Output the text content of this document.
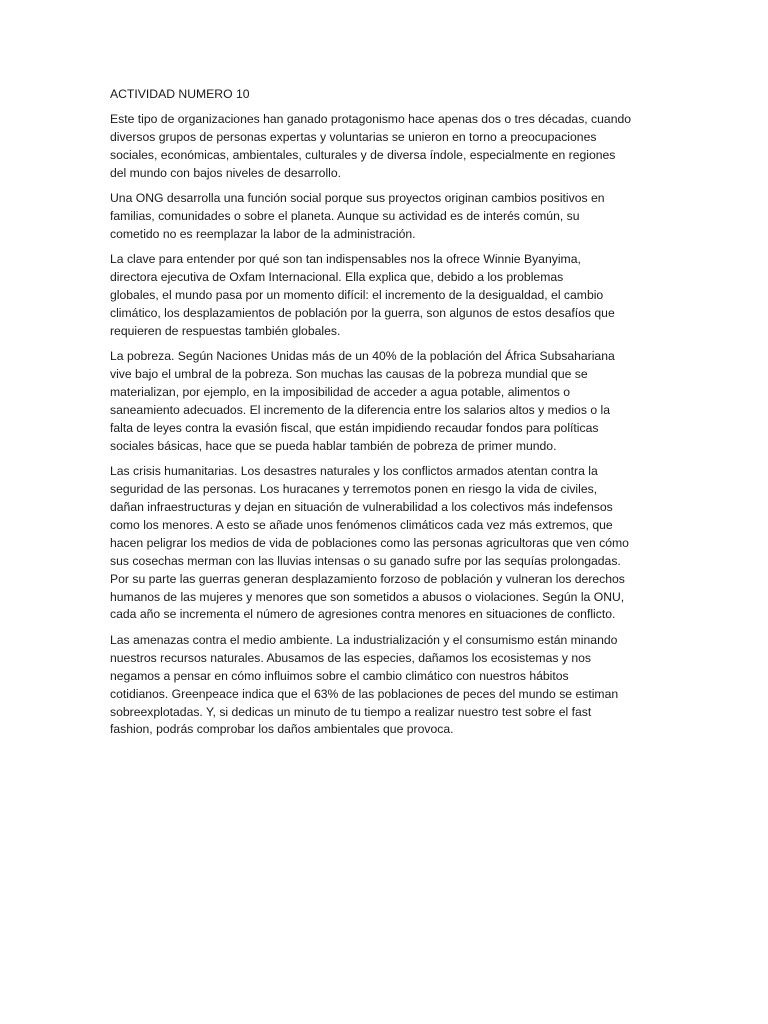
ACTIVIDAD NUMERO 10
Este tipo de organizaciones han ganado protagonismo hace apenas dos o tres décadas, cuando
diversos grupos de personas expertas y voluntarias se unieron en torno a preocupaciones
sociales, económicas, ambientales, culturales y de diversa índole, especialmente en regiones
del mundo con bajos niveles de desarrollo.
Una ONG desarrolla una función social porque sus proyectos originan cambios positivos en
familias, comunidades o sobre el planeta. Aunque su actividad es de interés común, su
cometido no es reemplazar la labor de la administración.
La clave para entender por qué son tan indispensables nos la ofrece Winnie Byanyima,
directora ejecutiva de Oxfam Internacional. Ella explica que, debido a los problemas
globales, el mundo pasa por un momento difícil: el incremento de la desigualdad, el cambio
climático, los desplazamientos de población por la guerra, son algunos de estos desafíos que
requieren de respuestas también globales.
La pobreza. Según Naciones Unidas más de un 40% de la población del África Subsahariana
vive bajo el umbral de la pobreza. Son muchas las causas de la pobreza mundial que se
materializan, por ejemplo, en la imposibilidad de acceder a agua potable, alimentos o
saneamiento adecuados. El incremento de la diferencia entre los salarios altos y medios o la
falta de leyes contra la evasión fiscal, que están impidiendo recaudar fondos para políticas
sociales básicas, hace que se pueda hablar también de pobreza de primer mundo.
Las crisis humanitarias. Los desastres naturales y los conflictos armados atentan contra la
seguridad de las personas. Los huracanes y terremotos ponen en riesgo la vida de civiles,
dañan infraestructuras y dejan en situación de vulnerabilidad a los colectivos más indefensos
como los menores. A esto se añade unos fenómenos climáticos cada vez más extremos, que
hacen peligrar los medios de vida de poblaciones como las personas agricultoras que ven cómo
sus cosechas merman con las lluvias intensas o su ganado sufre por las sequías prolongadas.
Por su parte las guerras generan desplazamiento forzoso de población y vulneran los derechos
humanos de las mujeres y menores que son sometidos a abusos o violaciones. Según la ONU,
cada año se incrementa el número de agresiones contra menores en situaciones de conflicto.
Las amenazas contra el medio ambiente. La industrialización y el consumismo están minando
nuestros recursos naturales. Abusamos de las especies, dañamos los ecosistemas y nos
negamos a pensar en cómo influimos sobre el cambio climático con nuestros hábitos
cotidianos. Greenpeace indica que el 63% de las poblaciones de peces del mundo se estiman
sobreexplotadas. Y, si dedicas un minuto de tu tiempo a realizar nuestro test sobre el fast
fashion, podrás comprobar los daños ambientales que provoca.
